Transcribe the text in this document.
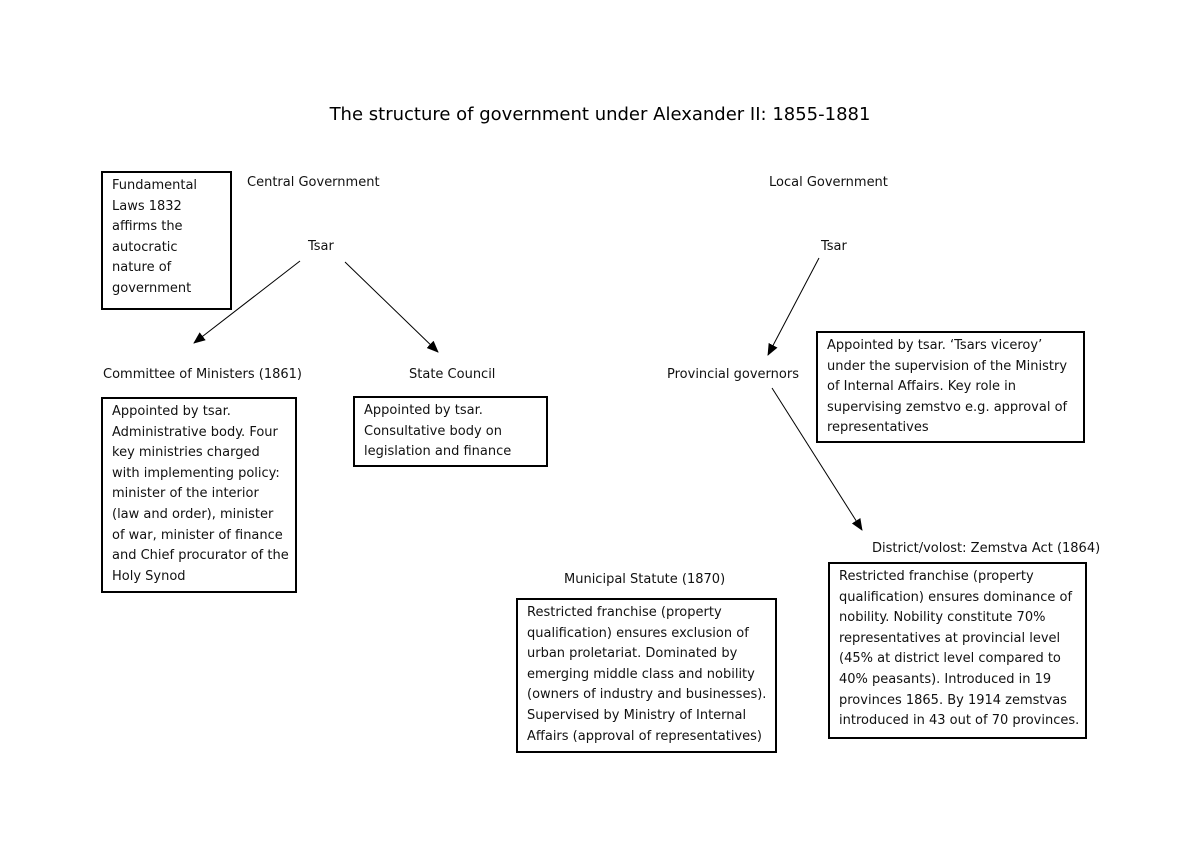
The structure of government under Alexander II: 1855-1881
Central Government
Tsar
Fundamental
Laws 1832
affirms the
autocratic
nature of
government
Committee of Ministers (1861)
Appointed by tsar.
Administrative body. Four
key ministries charged
with implementing policy:
minister of the interior
(law and order), minister
of war, minister of finance
and Chief procurator of the
Holy Synod
State Council
Appointed by tsar.
Consultative body on
legislation and finance
Local Government
Tsar
Provincial governors
Appointed by tsar. ‘Tsars viceroy’
under the supervision of the Ministry
of Internal Affairs. Key role in
supervising zemstvo e.g. approval of
representatives
District/volost: Zemstva Act (1864)
Restricted franchise (property
qualification) ensures dominance of
nobility. Nobility constitute 70%
representatives at provincial level
(45% at district level compared to
40% peasants). Introduced in 19
provinces 1865. By 1914 zemstvas
introduced in 43 out of 70 provinces.
Municipal Statute (1870)
Restricted franchise (property
qualification) ensures exclusion of
urban proletariat. Dominated by
emerging middle class and nobility
(owners of industry and businesses).
Supervised by Ministry of Internal
Affairs (approval of representatives)
